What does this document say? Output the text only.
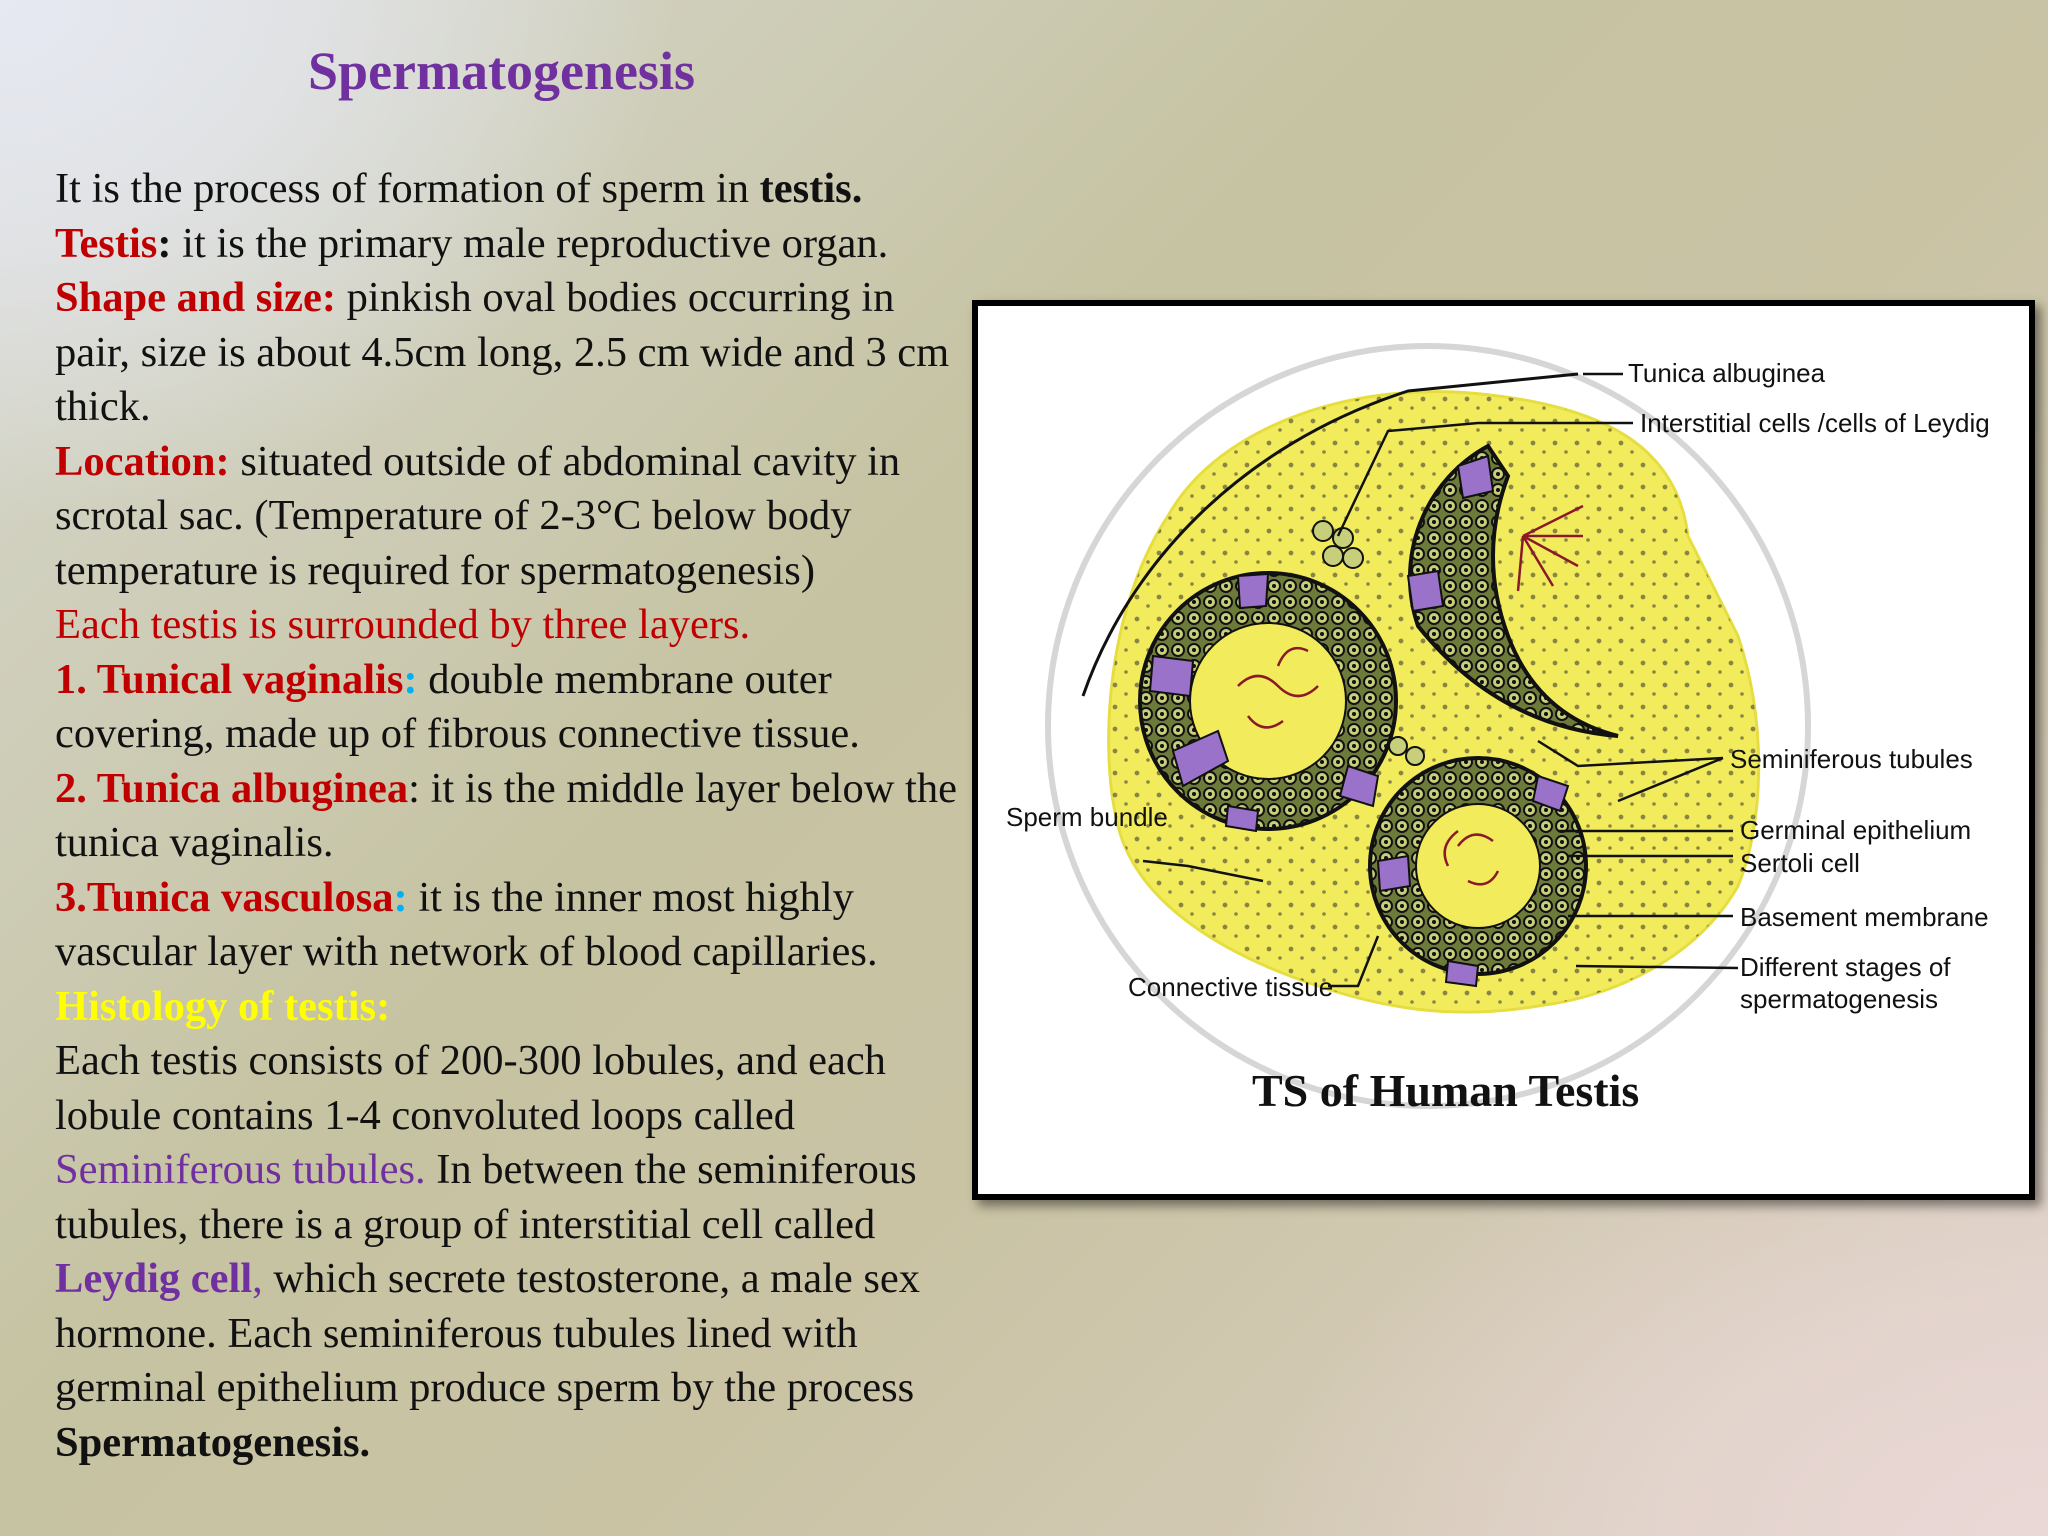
Spermatogenesis

It is the process of formation of sperm in testis.

Testis: it is the primary male reproductive organ.

Shape and size: pinkish oval bodies occurring in pair, size is about 4.5cm long, 2.5 cm wide and 3 cm thick.

Location: situated outside of abdominal cavity in scrotal sac. (Temperature of 2-3°C below body temperature is required for spermatogenesis)

Each testis is surrounded by three layers.

1. Tunical vaginalis: double membrane outer covering, made up of fibrous connective tissue.

2. Tunica albuginea: it is the middle layer below the tunica vaginalis.

3.Tunica vasculosa: it is the inner most highly vascular layer with network of blood capillaries.

Histology of testis:

Each testis consists of 200-300 lobules, and each lobule contains 1-4 convoluted loops called Seminiferous tubules. In between the seminiferous tubules, there is a group of interstitial cell called Leydig cell, which secrete testosterone, a male sex hormone. Each seminiferous tubules lined with germinal epithelium produce sperm by the process Spermatogenesis.

Tunica albuginea
Interstitial cells /cells of Leydig
Seminiferous tubules
Sperm bundle	Germinal epithelium
Sertoli cell
Basement membrane
Connective tissue
Different stages of
spermatogenesis
TS of Human Testis
